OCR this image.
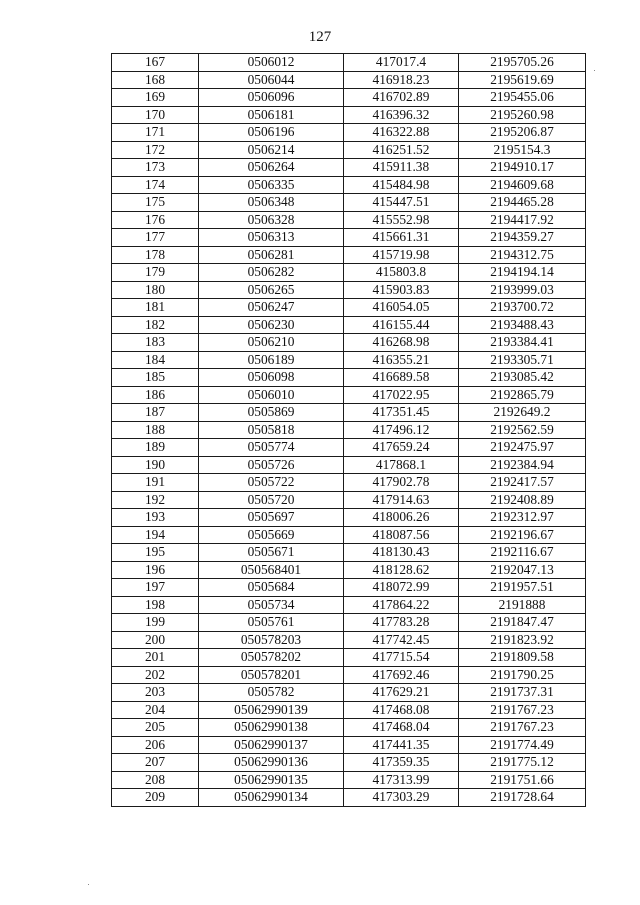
127
167	0506012	417017.4	2195705.26
168	0506044	416918.23	2195619.69
169	0506096	416702.89	2195455.06
170	0506181	416396.32	2195260.98
171	0506196	416322.88	2195206.87
172	0506214	416251.52	2195154.3
173	0506264	415911.38	2194910.17
174	0506335	415484.98	2194609.68
175	0506348	415447.51	2194465.28
176	0506328	415552.98	2194417.92
177	0506313	415661.31	2194359.27
178	0506281	415719.98	2194312.75
179	0506282	415803.8	2194194.14
180	0506265	415903.83	2193999.03
181	0506247	416054.05	2193700.72
182	0506230	416155.44	2193488.43
183	0506210	416268.98	2193384.41
184	0506189	416355.21	2193305.71
185	0506098	416689.58	2193085.42
186	0506010	417022.95	2192865.79
187	0505869	417351.45	2192649.2
188	0505818	417496.12	2192562.59
189	0505774	417659.24	2192475.97
190	0505726	417868.1	2192384.94
191	0505722	417902.78	2192417.57
192	0505720	417914.63	2192408.89
193	0505697	418006.26	2192312.97
194	0505669	418087.56	2192196.67
195	0505671	418130.43	2192116.67
196	050568401	418128.62	2192047.13
197	0505684	418072.99	2191957.51
198	0505734	417864.22	2191888
199	0505761	417783.28	2191847.47
200	050578203	417742.45	2191823.92
201	050578202	417715.54	2191809.58
202	050578201	417692.46	2191790.25
203	0505782	417629.21	2191737.31
204	05062990139	417468.08	2191767.23
205	05062990138	417468.04	2191767.23
206	05062990137	417441.35	2191774.49
207	05062990136	417359.35	2191775.12
208	05062990135	417313.99	2191751.66
209	05062990134	417303.29	2191728.64
